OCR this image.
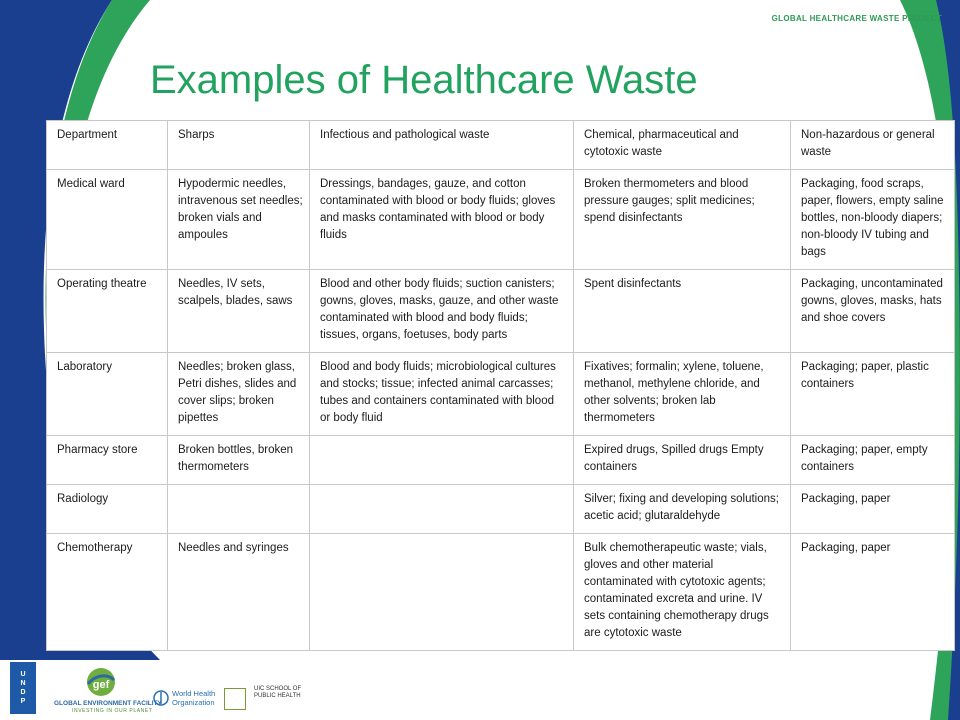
GLOBAL HEALTHCARE WASTE PROJECT
Examples of Healthcare Waste
Department	Sharps	Infectious and pathological waste	Chemical, pharmaceutical and cytotoxic waste	Non-hazardous or general waste
Medical ward	Hypodermic needles, intravenous set needles; broken vials and ampoules	Dressings, bandages, gauze, and cotton contaminated with blood or body fluids; gloves and masks contaminated with blood or body fluids	Broken thermometers and blood pressure gauges; split medicines; spend disinfectants	Packaging, food scraps, paper, flowers, empty saline bottles, non-bloody diapers; non-bloody IV tubing and bags
Operating theatre	Needles, IV sets, scalpels, blades, saws	Blood and other body fluids; suction canisters; gowns, gloves, masks, gauze, and other waste contaminated with blood and body fluids; tissues, organs, foetuses, body parts	Spent disinfectants	Packaging, uncontaminated gowns, gloves, masks, hats and shoe covers
Laboratory	Needles; broken glass, Petri dishes, slides and cover slips; broken pipettes	Blood and body fluids; microbiological cultures and stocks; tissue; infected animal carcasses; tubes and containers contaminated with blood or body fluid	Fixatives; formalin; xylene, toluene, methanol, methylene chloride, and other solvents; broken lab thermometers	Packaging; paper, plastic containers
Pharmacy store	Broken bottles, broken thermometers		Expired drugs, Spilled drugs Empty containers	Packaging; paper, empty containers
Radiology			Silver; fixing and developing solutions; acetic acid; glutaraldehyde	Packaging, paper
Chemotherapy	Needles and syringes		Bulk chemotherapeutic waste; vials, gloves and other material contaminated with cytotoxic agents; contaminated excreta and urine. IV sets containing chemotherapy drugs are cytotoxic waste	Packaging, paper
U
N
D
P
gef
GLOBAL ENVIRONMENT FACILITY
INVESTING IN OUR PLANET
World Health Organization
UIC SCHOOL OF PUBLIC HEALTH
